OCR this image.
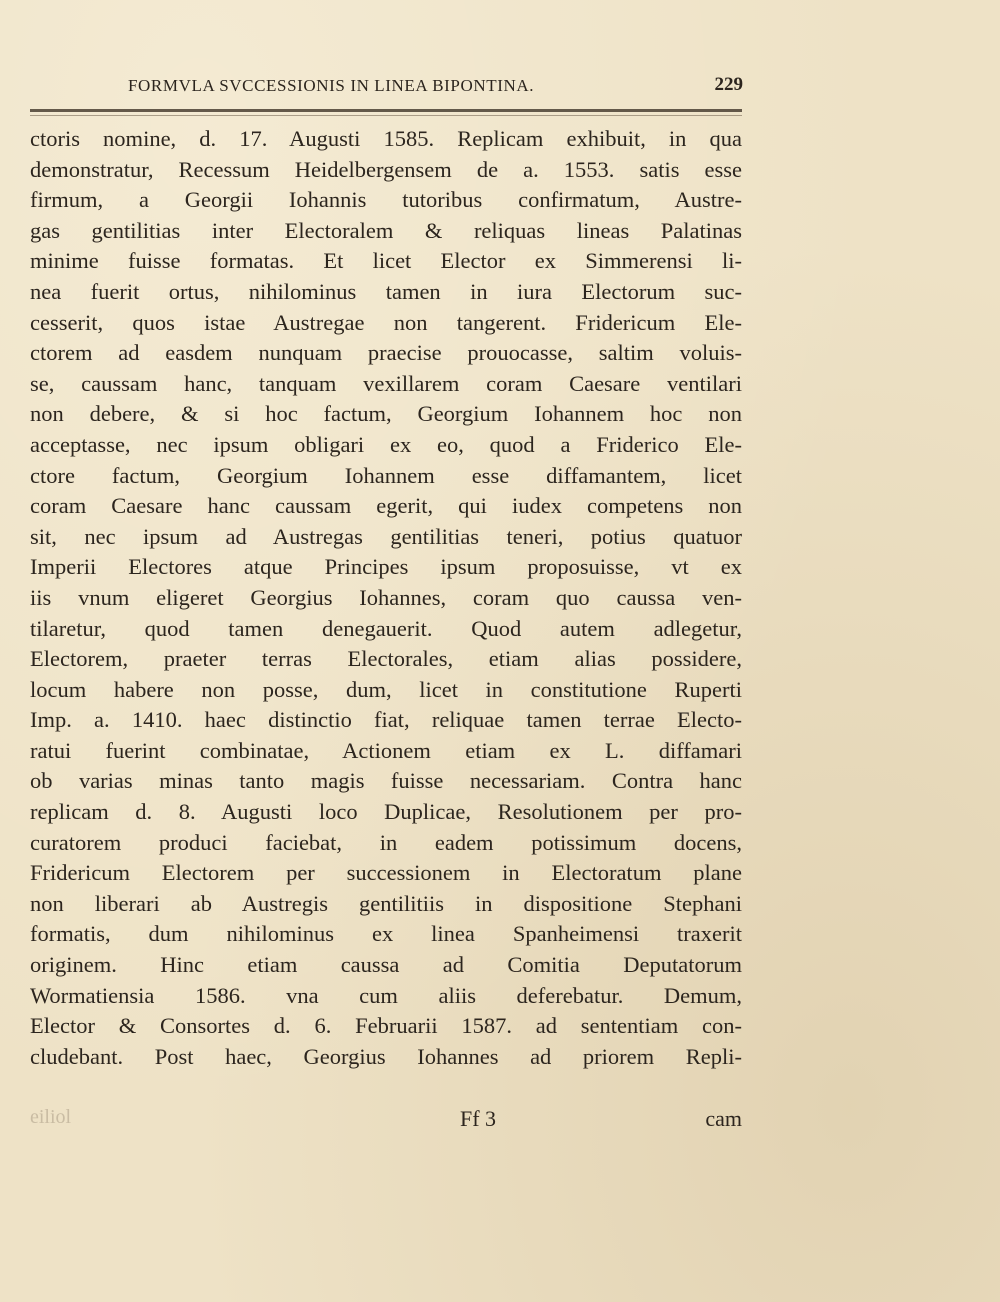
FORMVLA SVCCESSIONIS IN LINEA BIPONTINA.	229
ctoris nomine, d. 17. Augusti 1585. Replicam exhibuit, in qua
demonstratur, Recessum Heidelbergensem de a. 1553. satis esse
firmum, a Georgii Iohannis tutoribus confirmatum, Austre-
gas gentilitias inter Electoralem & reliquas lineas Palatinas
minime fuisse formatas. Et licet Elector ex Simmerensi li-
nea fuerit ortus, nihilominus tamen in iura Electorum suc-
cesserit, quos istae Austregae non tangerent. Fridericum Ele-
ctorem ad easdem nunquam praecise prouocasse, saltim voluis-
se, caussam hanc, tanquam vexillarem coram Caesare ventilari
non debere, & si hoc factum, Georgium Iohannem hoc non
acceptasse, nec ipsum obligari ex eo, quod a Friderico Ele-
ctore factum, Georgium Iohannem esse diffamantem, licet
coram Caesare hanc caussam egerit, qui iudex competens non
sit, nec ipsum ad Austregas gentilitias teneri, potius quatuor
Imperii Electores atque Principes ipsum proposuisse, vt ex
iis vnum eligeret Georgius Iohannes, coram quo caussa ven-
tilaretur, quod tamen denegauerit. Quod autem adlegetur,
Electorem, praeter terras Electorales, etiam alias possidere,
locum habere non posse, dum, licet in constitutione Ruperti
Imp. a. 1410. haec distinctio fiat, reliquae tamen terrae Electo-
ratui fuerint combinatae, Actionem etiam ex L. diffamari
ob varias minas tanto magis fuisse necessariam. Contra hanc
replicam d. 8. Augusti loco Duplicae, Resolutionem per pro-
curatorem produci faciebat, in eadem potissimum docens,
Fridericum Electorem per successionem in Electoratum plane
non liberari ab Austregis gentilitiis in dispositione Stephani
formatis, dum nihilominus ex linea Spanheimensi traxerit
originem. Hinc etiam caussa ad Comitia Deputatorum
Wormatiensia 1586. vna cum aliis deferebatur. Demum,
Elector & Consortes d. 6. Februarii 1587. ad sententiam con-
cludebant. Post haec, Georgius Iohannes ad priorem Repli-
eiliol	Ff 3	cam
